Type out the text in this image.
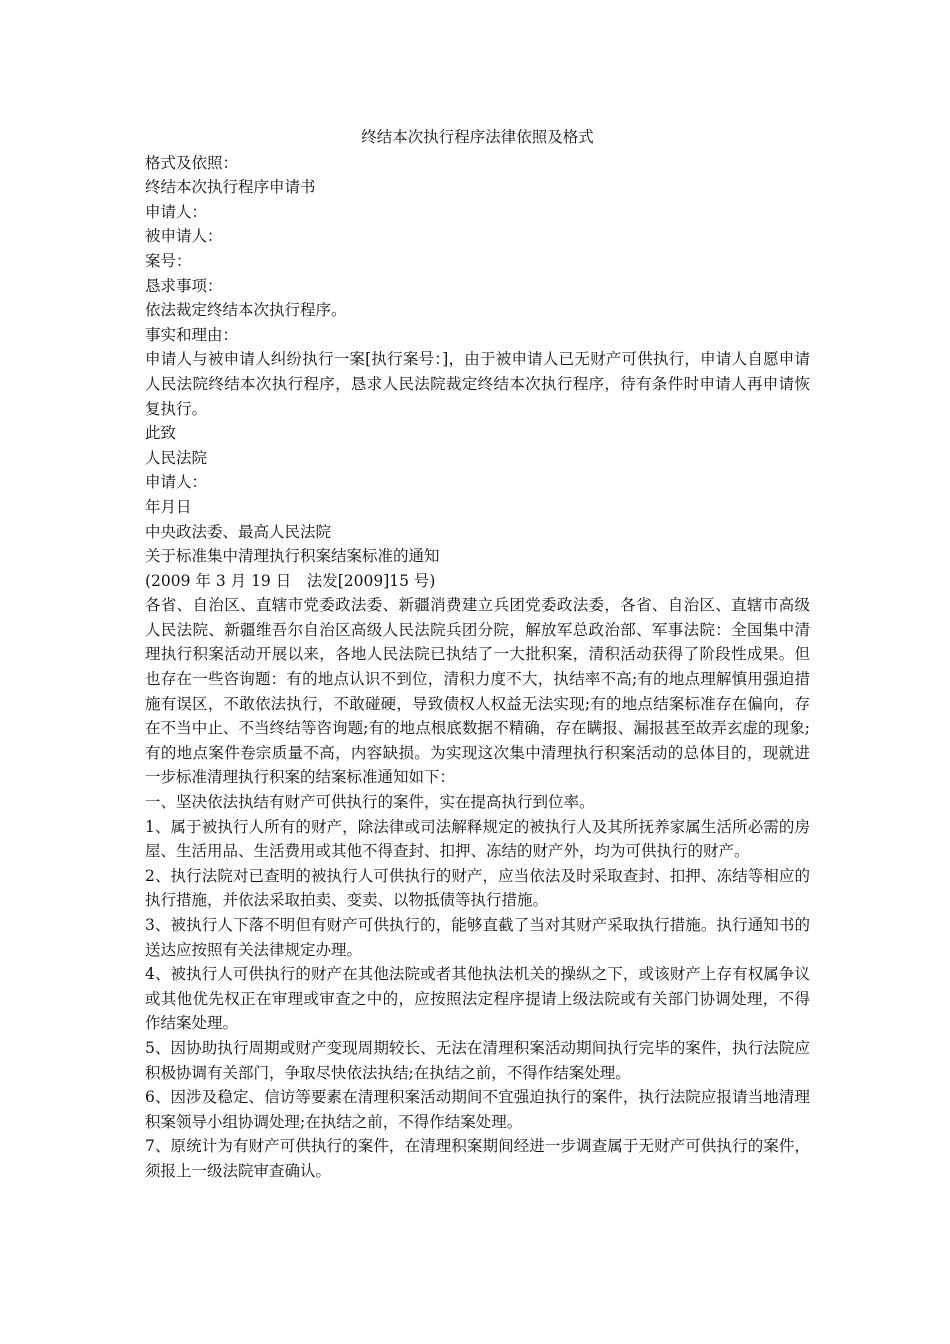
终结本次执行程序法律依照及格式
格式及依照：
终结本次执行程序申请书
申请人：
被申请人：
案号：
恳求事项：
依法裁定终结本次执行程序。
事实和理由：
申请人与被申请人纠纷执行一案[执行案号：]，由于被申请人已无财产可供执行，申请人自愿申请人民法院终结本次执行程序，恳求人民法院裁定终结本次执行程序，待有条件时申请人再申请恢复执行。
此致
人民法院
申请人：
年月日
中央政法委、最高人民法院
关于标准集中清理执行积案结案标准的通知
(2009 年 3 月 19 日　法发[2009]15 号)
各省、自治区、直辖市党委政法委、新疆消费建立兵团党委政法委，各省、自治区、直辖市高级人民法院、新疆维吾尔自治区高级人民法院兵团分院，解放军总政治部、军事法院：全国集中清理执行积案活动开展以来，各地人民法院已执结了一大批积案，清积活动获得了阶段性成果。但也存在一些咨询题：有的地点认识不到位，清积力度不大，执结率不高;有的地点理解慎用强迫措施有误区，不敢依法执行，不敢碰硬，导致债权人权益无法实现;有的地点结案标准存在偏向，存在不当中止、不当终结等咨询题;有的地点根底数据不精确，存在瞒报、漏报甚至故弄玄虚的现象;有的地点案件卷宗质量不高，内容缺损。为实现这次集中清理执行积案活动的总体目的，现就进一步标准清理执行积案的结案标准通知如下：
一、坚决依法执结有财产可供执行的案件，实在提高执行到位率。
1、属于被执行人所有的财产，除法律或司法解释规定的被执行人及其所抚养家属生活所必需的房屋、生活用品、生活费用或其他不得查封、扣押、冻结的财产外，均为可供执行的财产。
2、执行法院对已查明的被执行人可供执行的财产，应当依法及时采取查封、扣押、冻结等相应的执行措施，并依法采取拍卖、变卖、以物抵债等执行措施。
3、被执行人下落不明但有财产可供执行的，能够直截了当对其财产采取执行措施。执行通知书的送达应按照有关法律规定办理。
4、被执行人可供执行的财产在其他法院或者其他执法机关的操纵之下，或该财产上存有权属争议或其他优先权正在审理或审查之中的，应按照法定程序提请上级法院或有关部门协调处理，不得作结案处理。
5、因协助执行周期或财产变现周期较长、无法在清理积案活动期间执行完毕的案件，执行法院应积极协调有关部门，争取尽快依法执结;在执结之前，不得作结案处理。
6、因涉及稳定、信访等要素在清理积案活动期间不宜强迫执行的案件，执行法院应报请当地清理积案领导小组协调处理;在执结之前，不得作结案处理。
7、原统计为有财产可供执行的案件，在清理积案期间经进一步调查属于无财产可供执行的案件，须报上一级法院审查确认。
